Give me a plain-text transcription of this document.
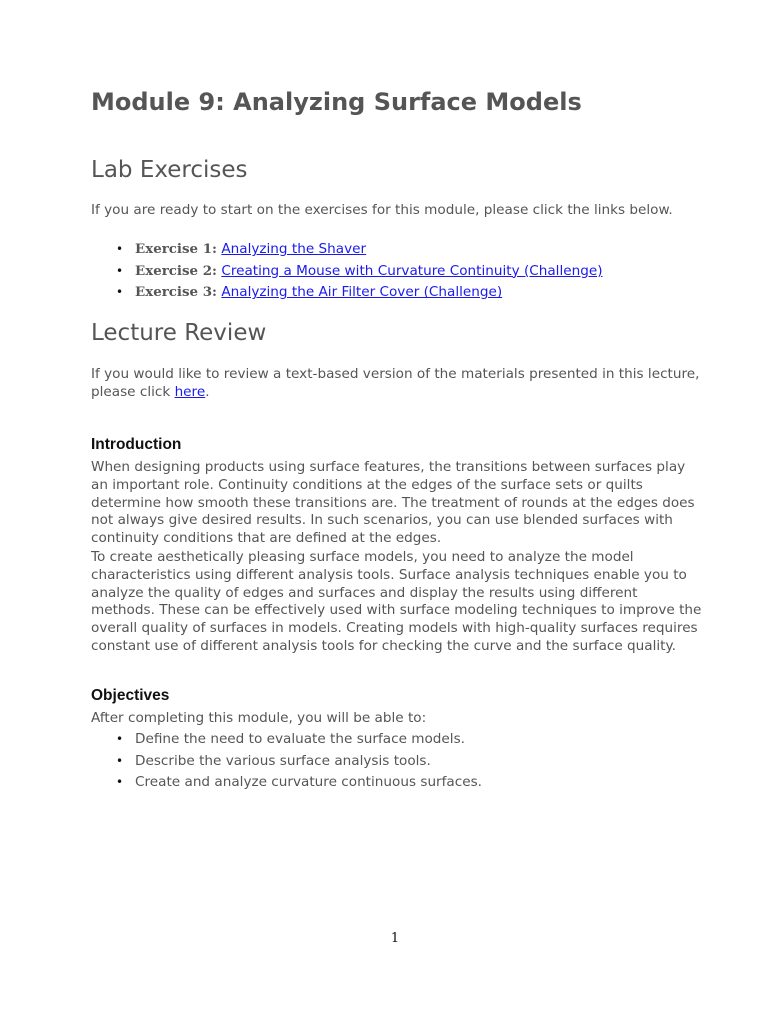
Module 9: Analyzing Surface Models
Lab Exercises

If you are ready to start on the exercises for this module, please click the links below.

• Exercise 1: Analyzing the Shaver
• Exercise 2: Creating a Mouse with Curvature Continuity (Challenge)
• Exercise 3: Analyzing the Air Filter Cover (Challenge)
Lecture Review

If you would like to review a text-based version of the materials presented in this lecture, please click here.

Introduction

When designing products using surface features, the transitions between surfaces play an important role. Continuity conditions at the edges of the surface sets or quilts determine how smooth these transitions are. The treatment of rounds at the edges does not always give desired results. In such scenarios, you can use blended surfaces with continuity conditions that are defined at the edges.

To create aesthetically pleasing surface models, you need to analyze the model characteristics using different analysis tools. Surface analysis techniques enable you to analyze the quality of edges and surfaces and display the results using different methods. These can be effectively used with surface modeling techniques to improve the overall quality of surfaces in models. Creating models with high-quality surfaces requires constant use of different analysis tools for checking the curve and the surface quality.

Objectives

After completing this module, you will be able to:

• Define the need to evaluate the surface models.
• Describe the various surface analysis tools.
• Create and analyze curvature continuous surfaces.
1
